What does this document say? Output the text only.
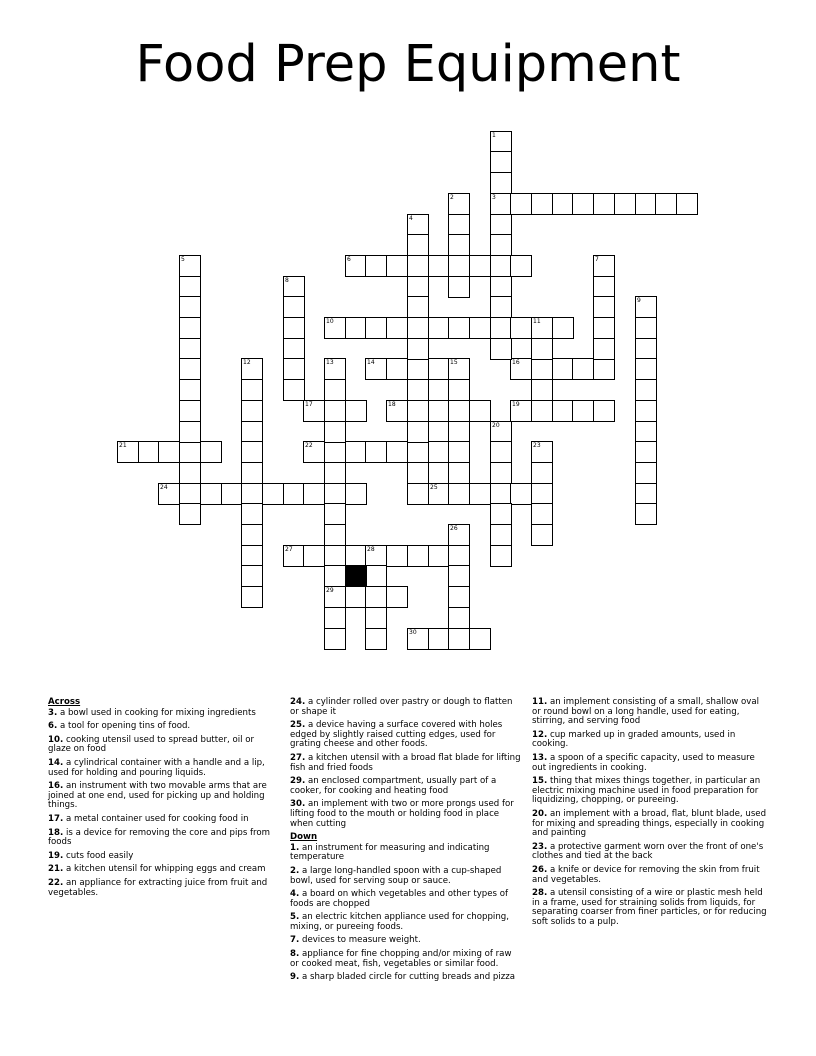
Food Prep Equipment
3
6
10	11
14	16
17	18	19
21	22
24	25
27	28
29
30
1
2
4
5	7
8
9
12	13	15
20
23
26
Across
3. a bowl used in cooking for mixing ingredients
6. a tool for opening tins of food.
10. cooking utensil used to spread butter, oil or glaze on food
14. a cylindrical container with a handle and a lip, used for holding and pouring liquids.
16. an instrument with two movable arms that are joined at one end, used for picking up and holding things.
17. a metal container used for cooking food in
18. is a device for removing the core and pips from foods
19. cuts food easily
21. a kitchen utensil for whipping eggs and cream
22. an appliance for extracting juice from fruit and vegetables.
24. a cylinder rolled over pastry or dough to flatten or shape it
25. a device having a surface covered with holes edged by slightly raised cutting edges, used for grating cheese and other foods.
27. a kitchen utensil with a broad flat blade for lifting fish and fried foods
29. an enclosed compartment, usually part of a cooker, for cooking and heating food
30. an implement with two or more prongs used for lifting food to the mouth or holding food in place when cutting
Down
1. an instrument for measuring and indicating temperature
2. a large long-handled spoon with a cup-shaped bowl, used for serving soup or sauce.
4. a board on which vegetables and other types of foods are chopped
5. an electric kitchen appliance used for chopping, mixing, or pureeing foods.
7. devices to measure weight.
8. appliance for fine chopping and/or mixing of raw or cooked meat, fish, vegetables or similar food.
9. a sharp bladed circle for cutting breads and pizza
11. an implement consisting of a small, shallow oval or round bowl on a long handle, used for eating, stirring, and serving food
12. cup marked up in graded amounts, used in cooking.
13. a spoon of a specific capacity, used to measure out ingredients in cooking.
15. thing that mixes things together, in particular an electric mixing machine used in food preparation for liquidizing, chopping, or pureeing.
20. an implement with a broad, flat, blunt blade, used for mixing and spreading things, especially in cooking and painting
23. a protective garment worn over the front of one's clothes and tied at the back
26. a knife or device for removing the skin from fruit and vegetables.
28. a utensil consisting of a wire or plastic mesh held in a frame, used for straining solids from liquids, for separating coarser from finer particles, or for reducing soft solids to a pulp.
